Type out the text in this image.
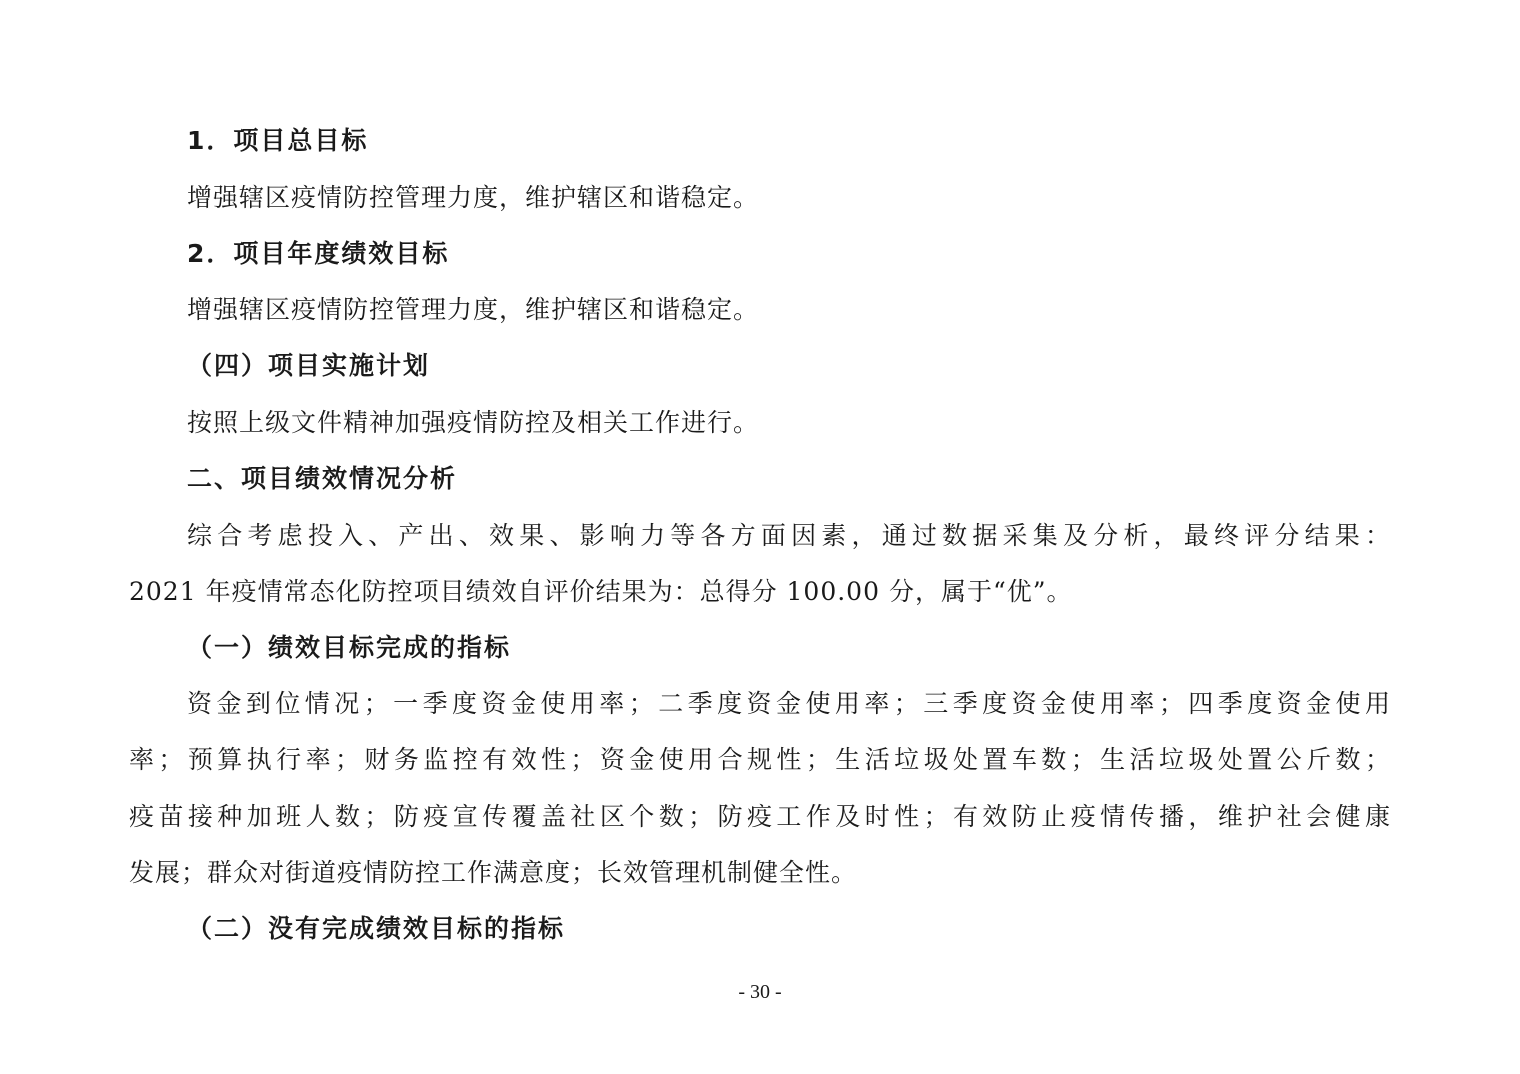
1．项目总目标
增强辖区疫情防控管理力度，维护辖区和谐稳定。
2．项目年度绩效目标
增强辖区疫情防控管理力度，维护辖区和谐稳定。
（四）项目实施计划
按照上级文件精神加强疫情防控及相关工作进行。
二、项目绩效情况分析
综合考虑投入、产出、效果、影响力等各方面因素，通过数据采集及分析，最终评分结果：
2021 年疫情常态化防控项目绩效自评价结果为：总得分 100.00 分，属于“优”。
（一）绩效目标完成的指标
资金到位情况；一季度资金使用率；二季度资金使用率；三季度资金使用率；四季度资金使用
率；预算执行率；财务监控有效性；资金使用合规性；生活垃圾处置车数；生活垃圾处置公斤数；
疫苗接种加班人数；防疫宣传覆盖社区个数；防疫工作及时性；有效防止疫情传播，维护社会健康
发展；群众对街道疫情防控工作满意度；长效管理机制健全性。
（二）没有完成绩效目标的指标
- 30 -
